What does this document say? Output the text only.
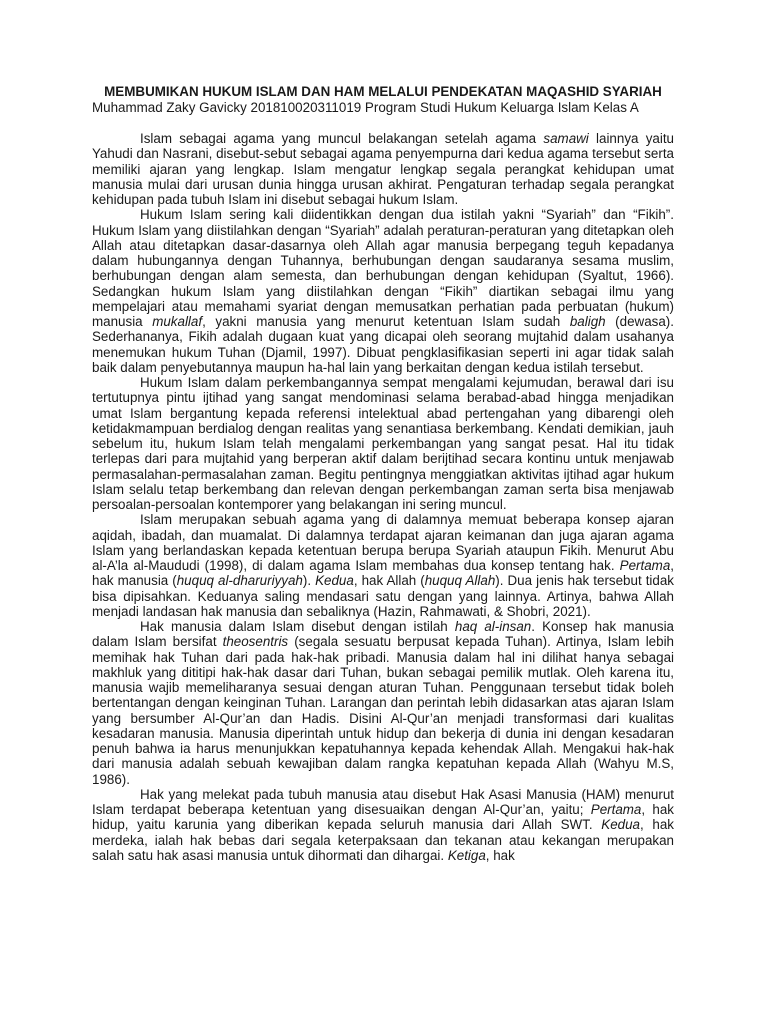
MEMBUMIKAN HUKUM ISLAM DAN HAM MELALUI PENDEKATAN MAQASHID SYARIAH

Muhammad Zaky Gavicky 201810020311019 Program Studi Hukum Keluarga Islam Kelas A

Islam sebagai agama yang muncul belakangan setelah agama samawi lainnya yaitu Yahudi dan Nasrani, disebut-sebut sebagai agama penyempurna dari kedua agama tersebut serta memiliki ajaran yang lengkap. Islam mengatur lengkap segala perangkat kehidupan umat manusia mulai dari urusan dunia hingga urusan akhirat. Pengaturan terhadap segala perangkat kehidupan pada tubuh Islam ini disebut sebagai hukum Islam.

Hukum Islam sering kali diidentikkan dengan dua istilah yakni “Syariah” dan “Fikih”. Hukum Islam yang diistilahkan dengan “Syariah” adalah peraturan-peraturan yang ditetapkan oleh Allah atau ditetapkan dasar-dasarnya oleh Allah agar manusia berpegang teguh kepadanya dalam hubungannya dengan Tuhannya, berhubungan dengan saudaranya sesama muslim, berhubungan dengan alam semesta, dan berhubungan dengan kehidupan (Syaltut, 1966). Sedangkan hukum Islam yang diistilahkan dengan “Fikih” diartikan sebagai ilmu yang mempelajari atau memahami syariat dengan memusatkan perhatian pada perbuatan (hukum) manusia mukallaf, yakni manusia yang menurut ketentuan Islam sudah baligh (dewasa). Sederhananya, Fikih adalah dugaan kuat yang dicapai oleh seorang mujtahid dalam usahanya menemukan hukum Tuhan (Djamil, 1997). Dibuat pengklasifikasian seperti ini agar tidak salah baik dalam penyebutannya maupun ha-hal lain yang berkaitan dengan kedua istilah tersebut.

Hukum Islam dalam perkembangannya sempat mengalami kejumudan, berawal dari isu tertutupnya pintu ijtihad yang sangat mendominasi selama berabad-abad hingga menjadikan umat Islam bergantung kepada referensi intelektual abad pertengahan yang dibarengi oleh ketidakmampuan berdialog dengan realitas yang senantiasa berkembang. Kendati demikian, jauh sebelum itu, hukum Islam telah mengalami perkembangan yang sangat pesat. Hal itu tidak terlepas dari para mujtahid yang berperan aktif dalam berijtihad secara kontinu untuk menjawab permasalahan-permasalahan zaman. Begitu pentingnya menggiatkan aktivitas ijtihad agar hukum Islam selalu tetap berkembang dan relevan dengan perkembangan zaman serta bisa menjawab persoalan-persoalan kontemporer yang belakangan ini sering muncul.

Islam merupakan sebuah agama yang di dalamnya memuat beberapa konsep ajaran aqidah, ibadah, dan muamalat. Di dalamnya terdapat ajaran keimanan dan juga ajaran agama Islam yang berlandaskan kepada ketentuan berupa berupa Syariah ataupun Fikih. Menurut Abu al-A’la al-Maududi (1998), di dalam agama Islam membahas dua konsep tentang hak. Pertama, hak manusia (huquq al-dharuriyyah). Kedua, hak Allah (huquq Allah). Dua jenis hak tersebut tidak bisa dipisahkan. Keduanya saling mendasari satu dengan yang lainnya. Artinya, bahwa Allah menjadi landasan hak manusia dan sebaliknya (Hazin, Rahmawati, & Shobri, 2021).

Hak manusia dalam Islam disebut dengan istilah haq al-insan. Konsep hak manusia dalam Islam bersifat theosentris (segala sesuatu berpusat kepada Tuhan). Artinya, Islam lebih memihak hak Tuhan dari pada hak-hak pribadi. Manusia dalam hal ini dilihat hanya sebagai makhluk yang dititipi hak-hak dasar dari Tuhan, bukan sebagai pemilik mutlak. Oleh karena itu, manusia wajib memeliharanya sesuai dengan aturan Tuhan. Penggunaan tersebut tidak boleh bertentangan dengan keinginan Tuhan. Larangan dan perintah lebih didasarkan atas ajaran Islam yang bersumber Al-Qur’an dan Hadis. Disini Al-Qur’an menjadi transformasi dari kualitas kesadaran manusia. Manusia diperintah untuk hidup dan bekerja di dunia ini dengan kesadaran penuh bahwa ia harus menunjukkan kepatuhannya kepada kehendak Allah. Mengakui hak-hak dari manusia adalah sebuah kewajiban dalam rangka kepatuhan kepada Allah (Wahyu M.S, 1986).

Hak yang melekat pada tubuh manusia atau disebut Hak Asasi Manusia (HAM) menurut Islam terdapat beberapa ketentuan yang disesuaikan dengan Al-Qur’an, yaitu; Pertama, hak hidup, yaitu karunia yang diberikan kepada seluruh manusia dari Allah SWT. Kedua, hak merdeka, ialah hak bebas dari segala keterpaksaan dan tekanan atau kekangan merupakan salah satu hak asasi manusia untuk dihormati dan dihargai. Ketiga, hak
